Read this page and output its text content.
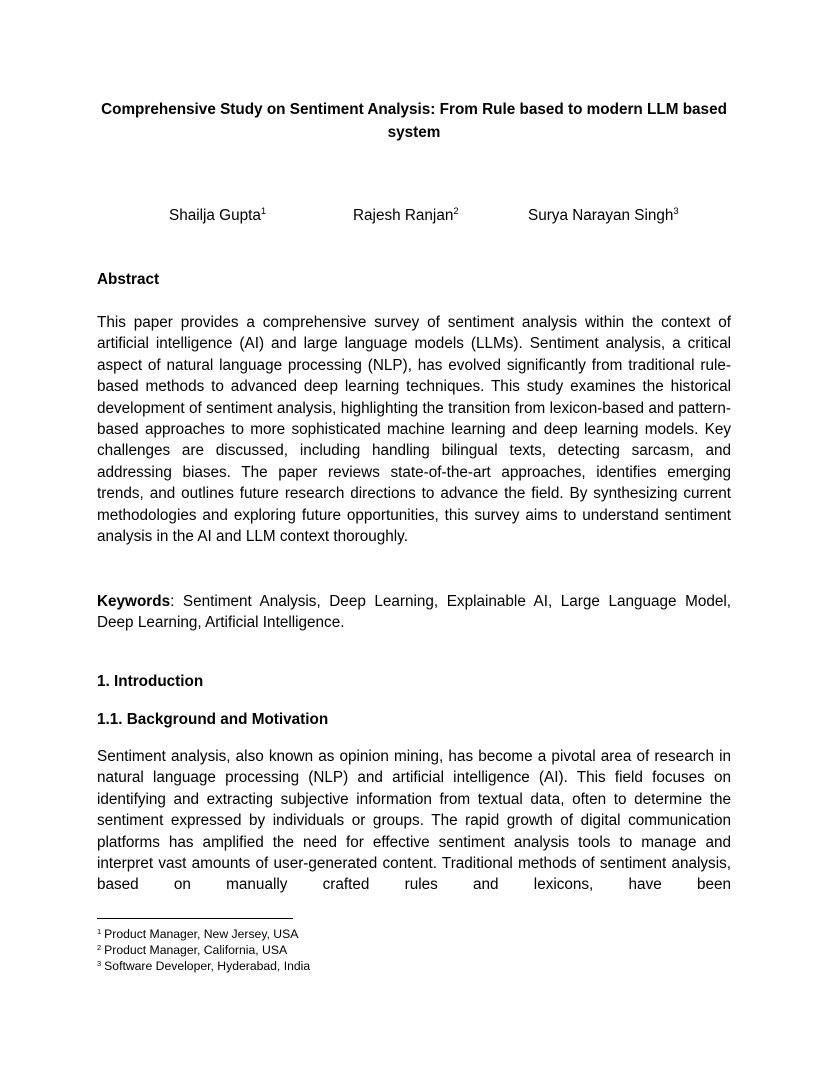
Comprehensive Study on Sentiment Analysis: From Rule based to modern LLM based system
Shailja Gupta$^1$	Rajesh Ranjan$^2$	Surya Narayan Singh$^3$
Abstract
This paper provides a comprehensive survey of sentiment analysis within the context of artificial intelligence (AI) and large language models (LLMs). Sentiment analysis, a critical aspect of natural language processing (NLP), has evolved significantly from traditional rule-based methods to advanced deep learning techniques. This study examines the historical development of sentiment analysis, highlighting the transition from lexicon-based and pattern-based approaches to more sophisticated machine learning and deep learning models. Key challenges are discussed, including handling bilingual texts, detecting sarcasm, and addressing biases. The paper reviews state-of-the-art approaches, identifies emerging trends, and outlines future research directions to advance the field. By synthesizing current methodologies and exploring future opportunities, this survey aims to understand sentiment analysis in the AI and LLM context thoroughly.
Keywords: Sentiment Analysis, Deep Learning, Explainable AI, Large Language Model, Deep Learning, Artificial Intelligence.
1. Introduction
1.1. Background and Motivation
Sentiment analysis, also known as opinion mining, has become a pivotal area of research in natural language processing (NLP) and artificial intelligence (AI). This field focuses on identifying and extracting subjective information from textual data, often to determine the sentiment expressed by individuals or groups. The rapid growth of digital communication platforms has amplified the need for effective sentiment analysis tools to manage and interpret vast amounts of user-generated content. Traditional methods of sentiment analysis, based on manually crafted rules and lexicons, have been
$^1$ Product Manager, New Jersey, USA
$^2$ Product Manager, California, USA
$^3$ Software Developer, Hyderabad, India
